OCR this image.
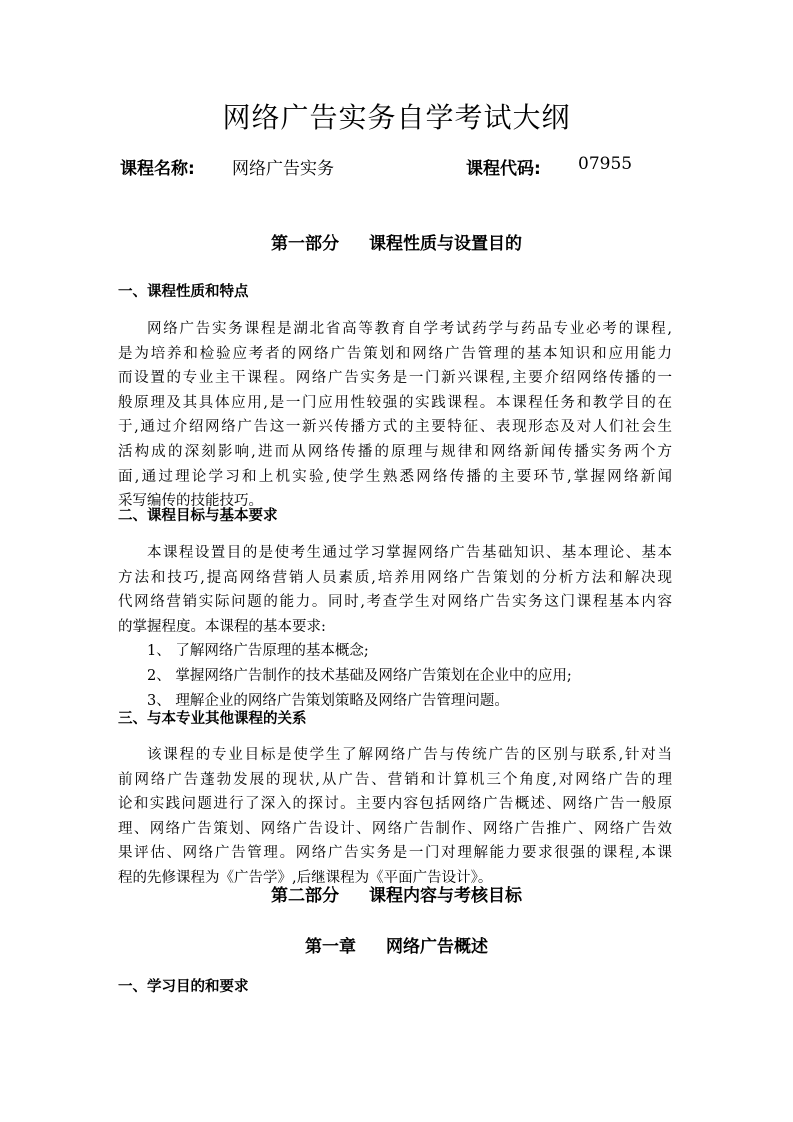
网络广告实务自学考试大纲
课程名称: 网络广告实务	课程代码: 07955
第一部分 课程性质与设置目的
一、课程性质和特点
网络广告实务课程是湖北省高等教育自学考试药学与药品专业必考的课程,
是为培养和检验应考者的网络广告策划和网络广告管理的基本知识和应用能力
而设置的专业主干课程。网络广告实务是一门新兴课程,主要介绍网络传播的一
般原理及其具体应用,是一门应用性较强的实践课程。本课程任务和教学目的在
于,通过介绍网络广告这一新兴传播方式的主要特征、表现形态及对人们社会生
活构成的深刻影响,进而从网络传播的原理与规律和网络新闻传播实务两个方
面,通过理论学习和上机实验,使学生熟悉网络传播的主要环节,掌握网络新闻
采写编传的技能技巧。
二、课程目标与基本要求
本课程设置目的是使考生通过学习掌握网络广告基础知识、基本理论、基本
方法和技巧,提高网络营销人员素质,培养用网络广告策划的分析方法和解决现
代网络营销实际问题的能力。同时,考查学生对网络广告实务这门课程基本内容
的掌握程度。本课程的基本要求:
1、 了解网络广告原理的基本概念;
2、 掌握网络广告制作的技术基础及网络广告策划在企业中的应用;
3、 理解企业的网络广告策划策略及网络广告管理问题。
三、与本专业其他课程的关系
该课程的专业目标是使学生了解网络广告与传统广告的区别与联系,针对当
前网络广告蓬勃发展的现状,从广告、营销和计算机三个角度,对网络广告的理
论和实践问题进行了深入的探讨。主要内容包括网络广告概述、网络广告一般原
理、网络广告策划、网络广告设计、网络广告制作、网络广告推广、网络广告效
果评估、网络广告管理。网络广告实务是一门对理解能力要求很强的课程,本课
程的先修课程为《广告学》,后继课程为《平面广告设计》。
第二部分 课程内容与考核目标
第一章 网络广告概述
一、学习目的和要求
